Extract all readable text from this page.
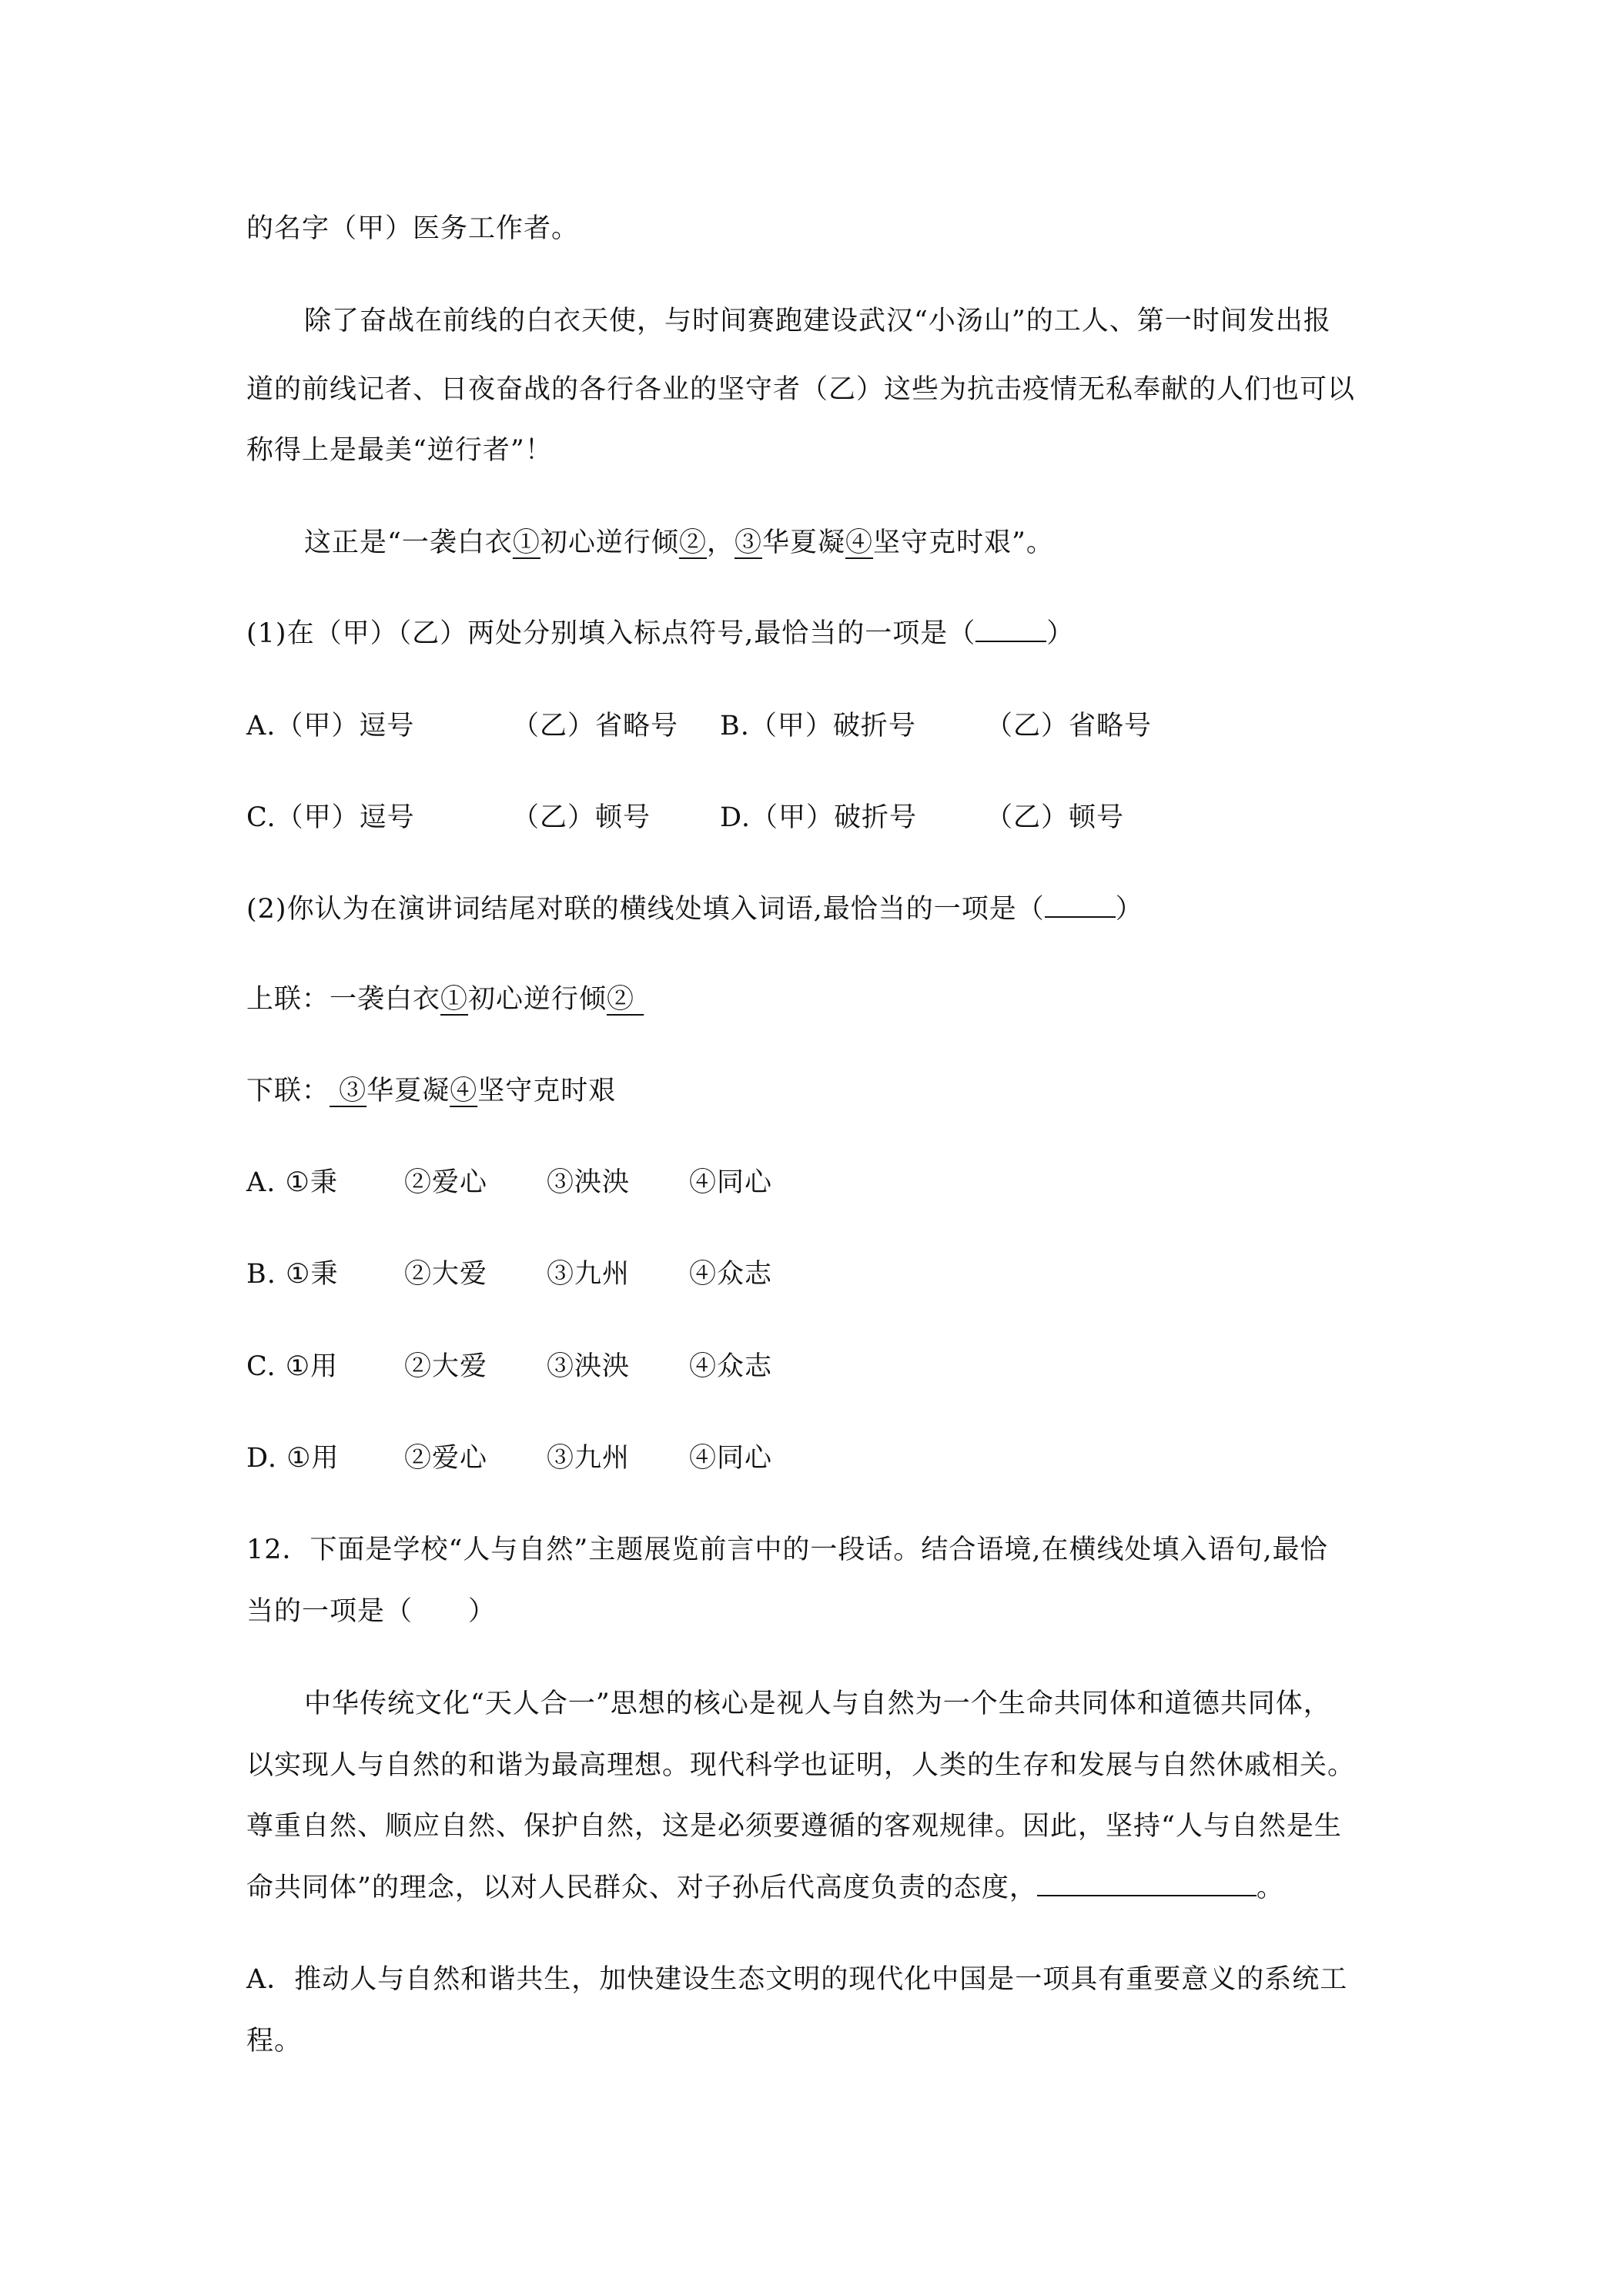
的名字（甲）医务工作者。
除了奋战在前线的白衣天使，与时间赛跑建设武汉“小汤山”的工人、第一时间发出报
道的前线记者、日夜奋战的各行各业的坚守者（乙）这些为抗击疫情无私奉献的人们也可以
称得上是最美“逆行者”！
这正是“一袭白衣①初心逆行倾②，③华夏凝④坚守克时艰”。
(1)在（甲）（乙）两处分别填入标点符号,最恰当的一项是（	）
A.（甲）逗号	（乙）省略号 B.（甲）破折号	（乙）省略号
C.（甲）逗号	（乙）顿号	D.（甲）破折号	（乙）顿号
(2)你认为在演讲词结尾对联的横线处填入词语,最恰当的一项是（	）
上联：一袭白衣①初心逆行倾②
下联： ③华夏凝④坚守克时艰
A. ①秉 ②爱心 ③泱泱 ④同心
B. ①秉 ②大爱 ③九州 ④众志
C. ①用 ②大爱 ③泱泱 ④众志
D. ①用 ②爱心 ③九州 ④同心
12．下面是学校“人与自然”主题展览前言中的一段话。结合语境,在横线处填入语句,最恰
当的一项是（　　）
中华传统文化“天人合一”思想的核心是视人与自然为一个生命共同体和道德共同体，
以实现人与自然的和谐为最高理想。现代科学也证明，人类的生存和发展与自然休戚相关。
尊重自然、顺应自然、保护自然，这是必须要遵循的客观规律。因此，坚持“人与自然是生
命共同体”的理念，以对人民群众、对子孙后代高度负责的态度，	。
A．推动人与自然和谐共生，加快建设生态文明的现代化中国是一项具有重要意义的系统工
程。
